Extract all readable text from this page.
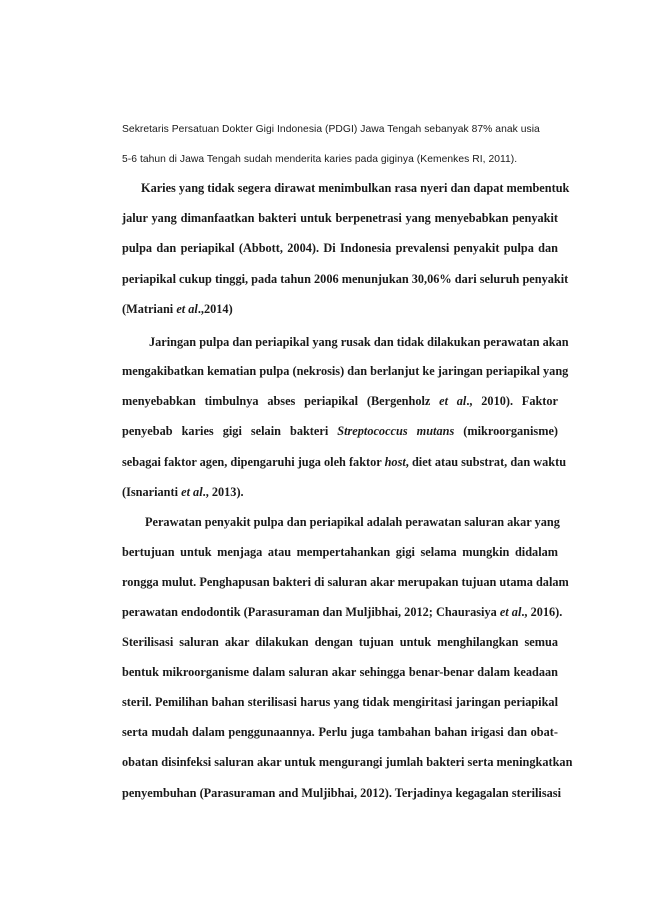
Sekretaris Persatuan Dokter Gigi Indonesia (PDGI) Jawa Tengah sebanyak 87% anak usia
5-6 tahun di Jawa Tengah sudah menderita karies pada giginya (Kemenkes RI, 2011).
Karies yang tidak segera dirawat menimbulkan rasa nyeri dan dapat membentuk
jalur yang dimanfaatkan bakteri untuk berpenetrasi yang menyebabkan penyakit
pulpa dan periapikal (Abbott, 2004). Di Indonesia prevalensi penyakit pulpa dan
periapikal cukup tinggi, pada tahun 2006 menunjukan 30,06% dari seluruh penyakit
(Matriani et al.,2014)
Jaringan pulpa dan periapikal yang rusak dan tidak dilakukan perawatan akan
mengakibatkan kematian pulpa (nekrosis) dan berlanjut ke jaringan periapikal yang
menyebabkan timbulnya abses periapikal (Bergenholz et al., 2010). Faktor
penyebab karies gigi selain bakteri Streptococcus mutans (mikroorganisme)
sebagai faktor agen, dipengaruhi juga oleh faktor host, diet atau substrat, dan waktu
(Isnarianti et al., 2013).
Perawatan penyakit pulpa dan periapikal adalah perawatan saluran akar yang
bertujuan untuk menjaga atau mempertahankan gigi selama mungkin didalam
rongga mulut. Penghapusan bakteri di saluran akar merupakan tujuan utama dalam
perawatan endodontik (Parasuraman dan Muljibhai, 2012; Chaurasiya et al., 2016).
Sterilisasi saluran akar dilakukan dengan tujuan untuk menghilangkan semua
bentuk mikroorganisme dalam saluran akar sehingga benar-benar dalam keadaan
steril. Pemilihan bahan sterilisasi harus yang tidak mengiritasi jaringan periapikal
serta mudah dalam penggunaannya. Perlu juga tambahan bahan irigasi dan obat-
obatan disinfeksi saluran akar untuk mengurangi jumlah bakteri serta meningkatkan
penyembuhan (Parasuraman and Muljibhai, 2012). Terjadinya kegagalan sterilisasi
